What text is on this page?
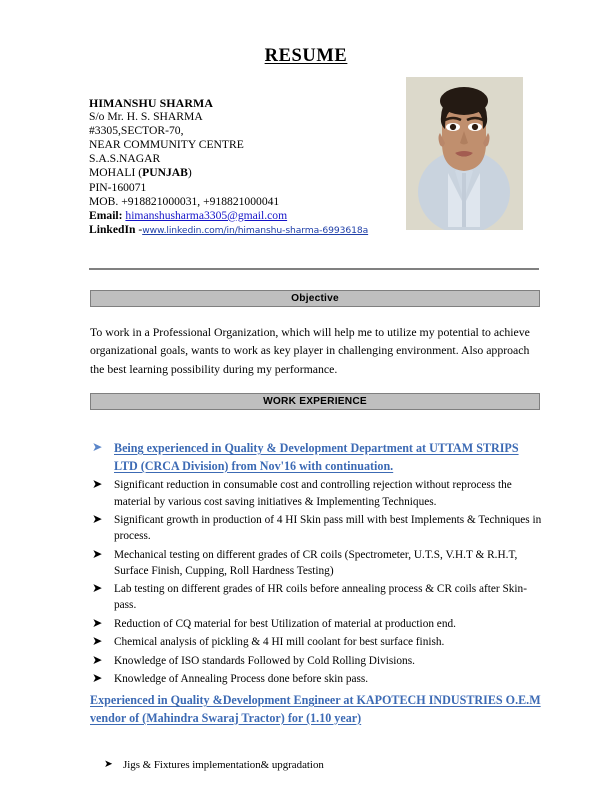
RESUME
HIMANSHU SHARMA
S/o Mr. H. S. SHARMA
#3305,SECTOR-70,
NEAR COMMUNITY CENTRE
S.A.S.NAGAR
MOHALI (PUNJAB)
PIN-160071
MOB. +918821000031, +918821000041
Email: himanshusharma3305@gmail.com
LinkedIn -www.linkedin.com/in/himanshu-sharma-6993618a
Objective
To work in a Professional Organization, which will help me to utilize my potential to achieve organizational goals, wants to work as key player in challenging environment. Also approach the best learning possibility during my performance.
WORK EXPERIENCE
➤ Being experienced in Quality & Development Department at UTTAM STRIPS LTD (CRCA Division) from Nov'16 with continuation.
➤ Significant reduction in consumable cost and controlling rejection without reprocess the material by various cost saving initiatives & Implementing Techniques.
➤ Significant growth in production of 4 HI Skin pass mill with best Implements & Techniques in process.
➤ Mechanical testing on different grades of CR coils (Spectrometer, U.T.S, V.H.T & R.H.T, Surface Finish, Cupping, Roll Hardness Testing)
➤ Lab testing on different grades of HR coils before annealing process & CR coils after Skin-pass.
➤ Reduction of CQ material for best Utilization of material at production end.
➤ Chemical analysis of pickling & 4 HI mill coolant for best surface finish.
➤ Knowledge of ISO standards Followed by Cold Rolling Divisions.
➤ Knowledge of Annealing Process done before skin pass.
Experienced in Quality &Development Engineer at KAPOTECH INDUSTRIES O.E.M vendor of (Mahindra Swaraj Tractor) for (1.10 year)
➤ Jigs & Fixtures implementation& upgradation
